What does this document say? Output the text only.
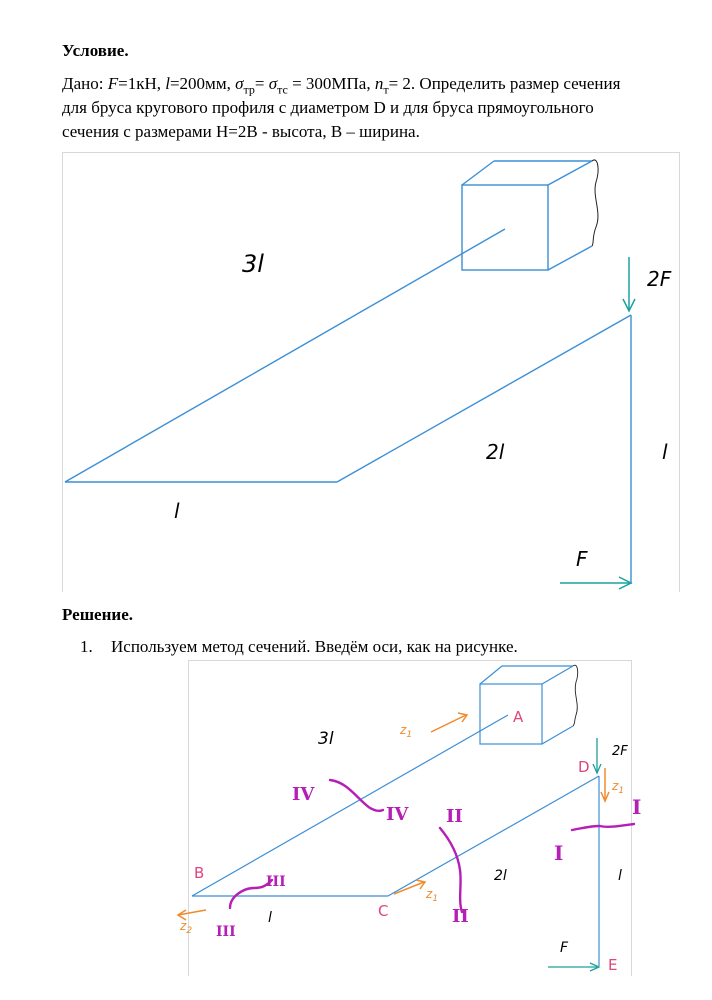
Условие.
Дано: F=1кН, l=200мм, $\sigma_{тр}= \sigma_{тс} = 300МПа$, $n_т= 2$. Определить размер сечения
для бруса кругового профиля с диаметром D и для бруса прямоугольного
сечения с размерами H=2B - высота, B – ширина.
3l
2F
2l	l
l
F
Решение.
1. Используем метод сечений. Введём оси, как на рисунке.
A
B
C
D
E
3l
2F
2l	l
l
F
$z_1$
$z_1$
$z_1$
$z_2$
IV
IV II
II
I
I
III
III
